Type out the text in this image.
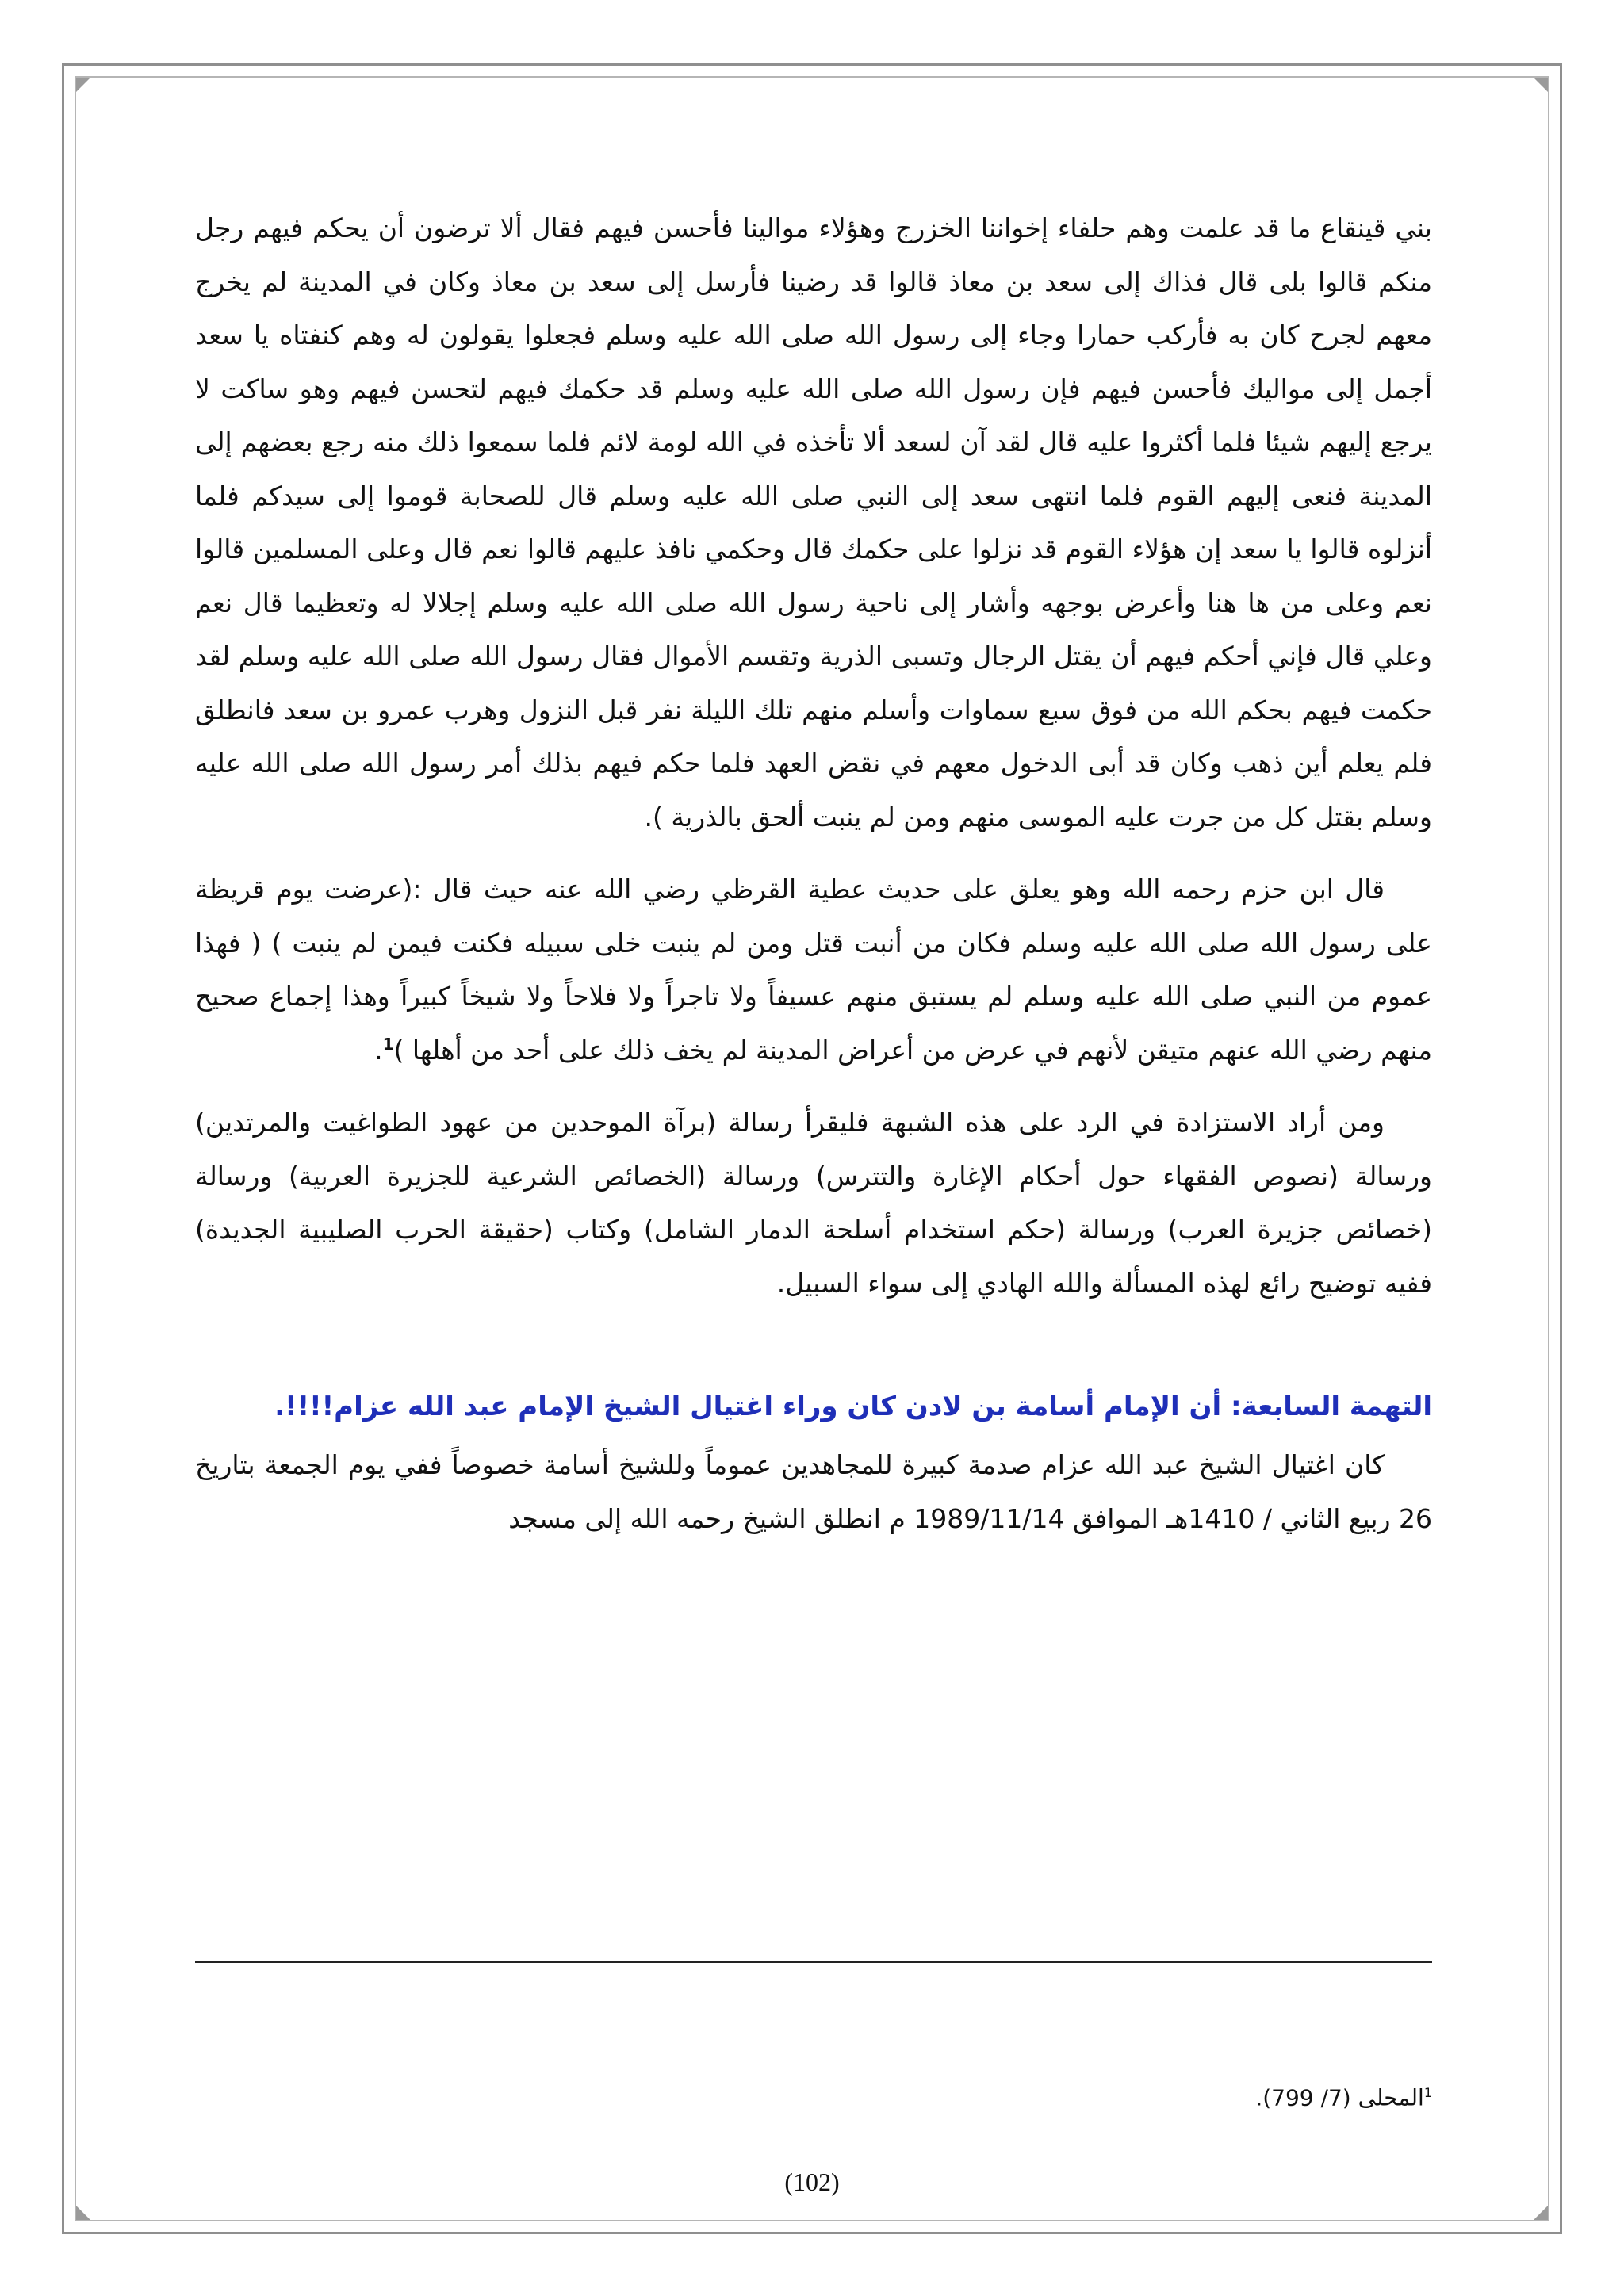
بني قينقاع ما قد علمت وهم حلفاء إخواننا الخزرج وهؤلاء موالينا فأحسن فيهم فقال ألا ترضون أن يحكم فيهم رجل منكم قالوا بلى قال فذاك إلى سعد بن معاذ قالوا قد رضينا فأرسل إلى سعد بن معاذ وكان في المدينة لم يخرج معهم لجرح كان به فأركب حمارا وجاء إلى رسول الله صلى الله عليه وسلم فجعلوا يقولون له وهم كنفتاه يا سعد أجمل إلى مواليك فأحسن فيهم فإن رسول الله صلى الله عليه وسلم قد حكمك فيهم لتحسن فيهم وهو ساكت لا يرجع إليهم شيئا فلما أكثروا عليه قال لقد آن لسعد ألا تأخذه في الله لومة لائم فلما سمعوا ذلك منه رجع بعضهم إلى المدينة فنعى إليهم القوم فلما انتهى سعد إلى النبي صلى الله عليه وسلم قال للصحابة قوموا إلى سيدكم فلما أنزلوه قالوا يا سعد إن هؤلاء القوم قد نزلوا على حكمك قال وحكمي نافذ عليهم قالوا نعم قال وعلى المسلمين قالوا نعم وعلى من ها هنا وأعرض بوجهه وأشار إلى ناحية رسول الله صلى الله عليه وسلم إجلالا له وتعظيما قال نعم وعلي قال فإني أحكم فيهم أن يقتل الرجال وتسبى الذرية وتقسم الأموال فقال رسول الله صلى الله عليه وسلم لقد حكمت فيهم بحكم الله من فوق سبع سماوات وأسلم منهم تلك الليلة نفر قبل النزول وهرب عمرو بن سعد فانطلق فلم يعلم أين ذهب وكان قد أبى الدخول معهم في نقض العهد فلما حكم فيهم بذلك أمر رسول الله صلى الله عليه وسلم بقتل كل من جرت عليه الموسى منهم ومن لم ينبت ألحق بالذرية ).

قال ابن حزم رحمه الله وهو يعلق على حديث عطية القرظي رضي الله عنه حيث قال :(عرضت يوم قريظة على رسول الله صلى الله عليه وسلم فكان من أنبت قتل ومن لم ينبت خلى سبيله فكنت فيمن لم ينبت ) ( فهذا عموم من النبي صلى الله عليه وسلم لم يستبق منهم عسيفاً ولا تاجراً ولا فلاحاً ولا شيخاً كبيراً وهذا إجماع صحيح منهم رضي الله عنهم متيقن لأنهم في عرض من أعراض المدينة لم يخف ذلك على أحد من أهلها )$^1$.

ومن أراد الاستزادة في الرد على هذه الشبهة فليقرأ رسالة (برآة الموحدين من عهود الطواغيت والمرتدين) ورسالة (نصوص الفقهاء حول أحكام الإغارة والتترس) ورسالة (الخصائص الشرعية للجزيرة العربية) ورسالة (خصائص جزيرة العرب) ورسالة (حكم استخدام أسلحة الدمار الشامل) وكتاب (حقيقة الحرب الصليبية الجديدة) ففيه توضيح رائع لهذه المسألة والله الهادي إلى سواء السبيل.

التهمة السابعة: أن الإمام أسامة بن لادن كان وراء اغتيال الشيخ الإمام عبد الله عزام!!!!.

كان اغتيال الشيخ عبد الله عزام صدمة كبيرة للمجاهدين عموماً وللشيخ أسامة خصوصاً ففي يوم الجمعة بتاريخ 26 ربيع الثاني / 1410هـ الموافق 1989/11/14 م انطلق الشيخ رحمه الله إلى مسجد

$^1$المحلى (7/ 799).
(102)
